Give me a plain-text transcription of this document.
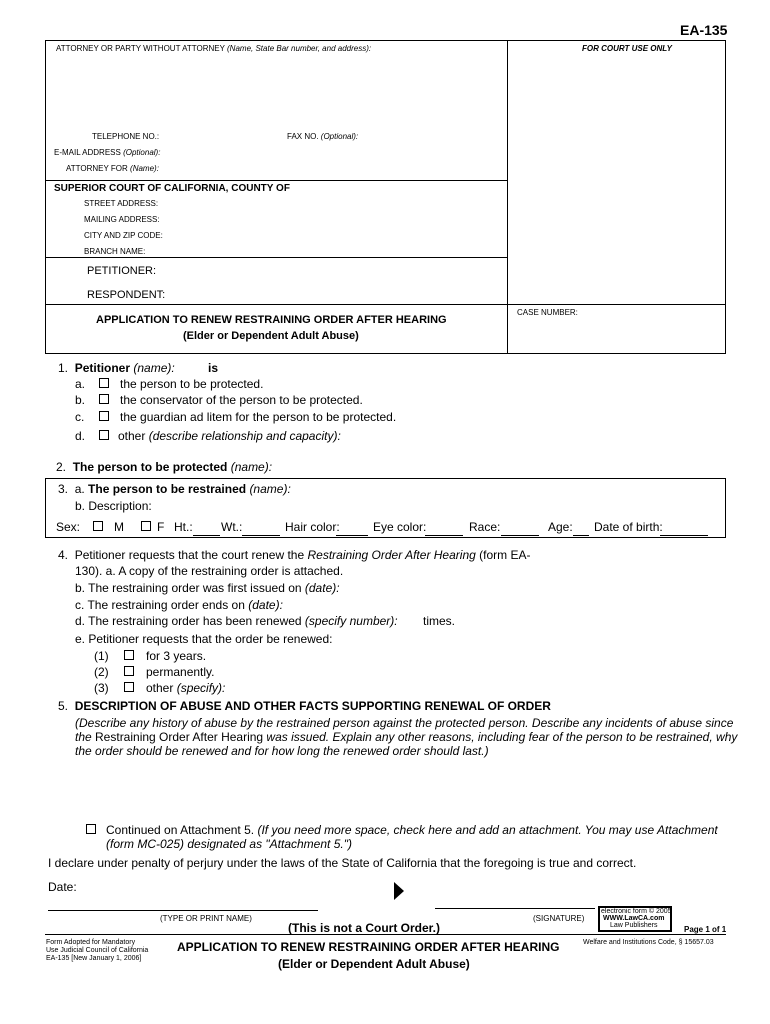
EA-135
ATTORNEY OR PARTY WITHOUT ATTORNEY (Name, State Bar number, and address):	FOR COURT USE ONLY
TELEPHONE NO.:	FAX NO. (Optional):
E-MAIL ADDRESS (Optional):
ATTORNEY FOR (Name):
SUPERIOR COURT OF CALIFORNIA, COUNTY OF
STREET ADDRESS:
MAILING ADDRESS:
CITY AND ZIP CODE:
BRANCH NAME:
PETITIONER:
RESPONDENT:
APPLICATION TO RENEW RESTRAINING ORDER AFTER HEARING
(Elder or Dependent Adult Abuse)
CASE NUMBER:
1. Petitioner (name):	is
a.	the person to be protected.
b.	the conservator of the person to be protected.
c.	the guardian ad litem for the person to be protected.
d.	other (describe relationship and capacity):
2. The person to be protected (name):
3. a. The person to be restrained (name):
b. Description:
Sex:	M	F Ht.: Wt.:	Hair color:	Eye color:	Race:	Age: Date of birth:
4. Petitioner requests that the court renew the Restraining Order After Hearing (form EA-
130). a. A copy of the restraining order is attached.
b. The restraining order was first issued on (date):
c. The restraining order ends on (date):
d. The restraining order has been renewed (specify number): times.
e. Petitioner requests that the order be renewed:
(1)	for 3 years.
(2)	permanently.
(3)	other (specify):
5. DESCRIPTION OF ABUSE AND OTHER FACTS SUPPORTING RENEWAL OF ORDER
(Describe any history of abuse by the restrained person against the protected person. Describe any incidents of abuse since
the Restraining Order After Hearing was issued. Explain any other reasons, including fear of the person to be restrained, why
the order should be renewed and for how long the renewed order should last.)
Continued on Attachment 5. (If you need more space, check here and add an attachment. You may use Attachment
(form MC-025) designated as "Attachment 5.")
I declare under penalty of perjury under the laws of the State of California that the foregoing is true and correct.
Date:
(TYPE OR PRINT NAME)
(This is not a Court Order.)
(SIGNATURE)
electronic form © 2005
WWW.LawCA.com
Law Publishers	Page 1 of 1
Form Adopted for Mandatory
Use Judicial Council of California
EA-135 [New January 1, 2006]
APPLICATION TO RENEW RESTRAINING ORDER AFTER HEARING
(Elder or Dependent Adult Abuse)
Welfare and Institutions Code, § 15657.03
